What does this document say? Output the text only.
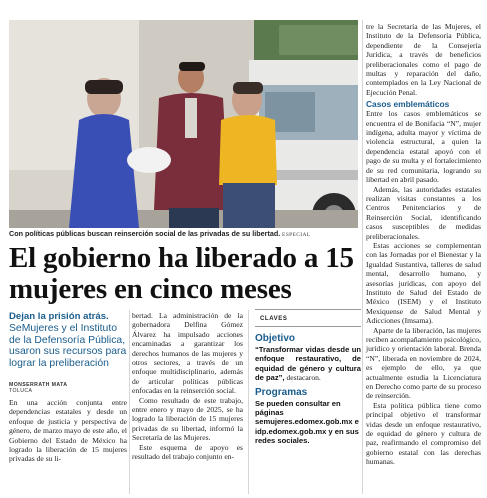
Con políticas públicas buscan reinserción social de las privadas de su libertad. ESPECIAL
El gobierno ha liberado a 15 mujeres en cinco meses
Dejan la prisión atrás.
SeMujeres y el Instituto de la Defensoría Pública, usaron sus recursos para lograr la preliberación
MONSERRATH MATA
TOLUCA

En una acción conjunta entre dependencias estatales y desde un enfoque de justicia y perspectiva de género, de marzo mayo de este año, el Gobierno del Estado de México ha logrado la liberación de 15 mujeres privadas de su li-

bertad. La administración de la gobernadora Delfina Gómez Álvarez ha impulsado acciones encaminadas a garantizar los derechos humanos de las mujeres y otros sectores, a través de un enfoque multidisciplinario, además de articular políticas públicas enfocadas en la reinserción social.

Como resultado de este trabajo, entre enero y mayo de 2025, se ha logrado la liberación de 15 mujeres privadas de su libertad, informó la Secretaría de las Mujeres.

Este esquema de apoyo es resultado del trabajo conjunto en-

CLAVES
Objetivo

“Transformar vidas desde un enfoque restaurativo, de equidad de género y cultura de paz”, destacaron.

Programas
Se pueden consultar en páginas semujeres.edomex.gob.mx e idp.edomex.gob.mx y en sus redes sociales.

tre la Secretaría de las Mujeres, el Instituto de la Defensoría Pública, dependiente de la Consejería Jurídica, a través de beneficios preliberacionales como el pago de multas y reparación del daño, contemplados en la Ley Nacional de Ejecución Penal.

Casos emblemáticos

Entre los casos emblemáticos se encuentra el de Bonifacia “N”, mujer indígena, adulta mayor y víctima de violencia estructural, a quien la dependencia estatal apoyó con el pago de su multa y el fortalecimiento de su red comunitaria, logrando su libertad en abril pasado.

Además, las autoridades estatales realizan visitas constantes a los Centros Penitenciarios y de Reinserción Social, identificando casos susceptibles de medidas preliberacionales.

Estas acciones se complementan con las Jornadas por el Bienestar y la Igualdad Sustantiva, talleres de salud mental, desarrollo humano, y asesorías jurídicas, con apoyo del Instituto de Salud del Estado de México (ISEM) y el Instituto Mexiquense de Salud Mental y Adicciones (Imsama).

Aparte de la liberación, las mujeres reciben acompañamiento psicológico, jurídico y orientación laboral. Brenda “N”, liberada en noviembre de 2024, es ejemplo de ello, ya que actualmente estudia la Licenciatura en Derecho como parte de su proceso de reinserción.

Esta política pública tiene como principal objetivo el transformar vidas desde un enfoque restaurativo, de equidad de género y cultura de paz, reafirmando el compromiso del gobierno estatal con las derechas humanas.
